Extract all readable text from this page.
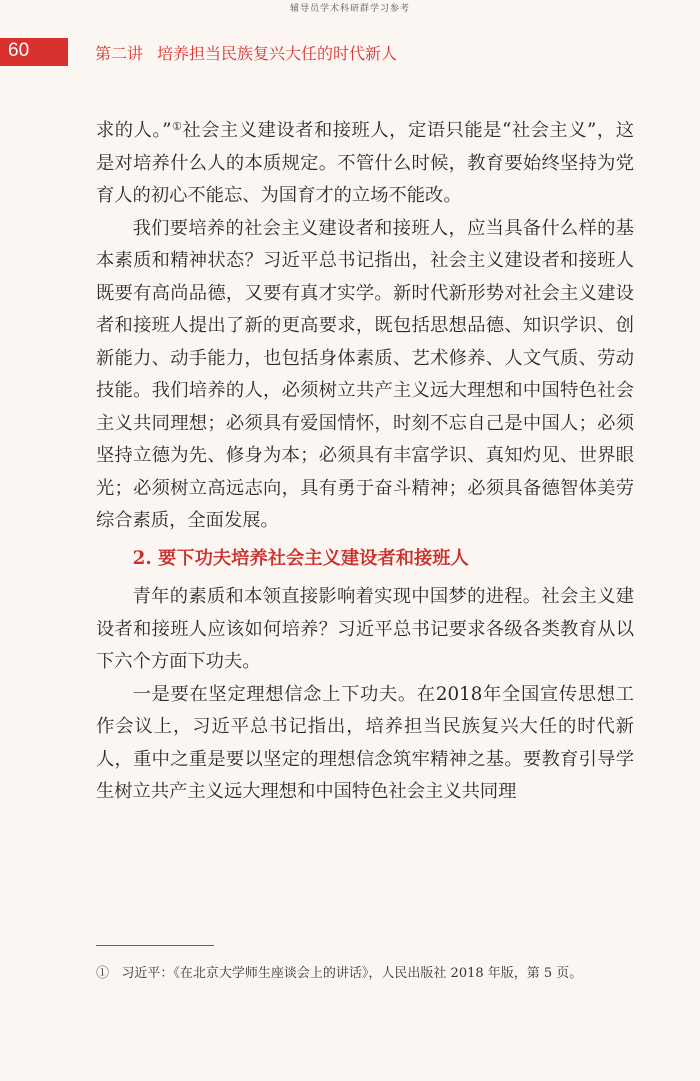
辅导员学术科研群学习参考
60	第二讲 培养担当民族复兴大任的时代新人

求的人。”①社会主义建设者和接班人，定语只能是“社会主义”，这是对培养什么人的本质规定。不管什么时候，教育要始终坚持为党育人的初心不能忘、为国育才的立场不能改。

我们要培养的社会主义建设者和接班人，应当具备什么样的基本素质和精神状态？习近平总书记指出，社会主义建设者和接班人既要有高尚品德，又要有真才实学。新时代新形势对社会主义建设者和接班人提出了新的更高要求，既包括思想品德、知识学识、创新能力、动手能力，也包括身体素质、艺术修养、人文气质、劳动技能。我们培养的人，必须树立共产主义远大理想和中国特色社会主义共同理想；必须具有爱国情怀，时刻不忘自己是中国人；必须坚持立德为先、修身为本；必须具有丰富学识、真知灼见、世界眼光；必须树立高远志向，具有勇于奋斗精神；必须具备德智体美劳综合素质，全面发展。

2. 要下功夫培养社会主义建设者和接班人

青年的素质和本领直接影响着实现中国梦的进程。社会主义建设者和接班人应该如何培养？习近平总书记要求各级各类教育从以下六个方面下功夫。

一是要在坚定理想信念上下功夫。在2018年全国宣传思想工作会议上，习近平总书记指出，培养担当民族复兴大任的时代新人，重中之重是要以坚定的理想信念筑牢精神之基。要教育引导学生树立共产主义远大理想和中国特色社会主义共同理

① 习近平：《在北京大学师生座谈会上的讲话》，人民出版社 2018 年版，第 5 页。
